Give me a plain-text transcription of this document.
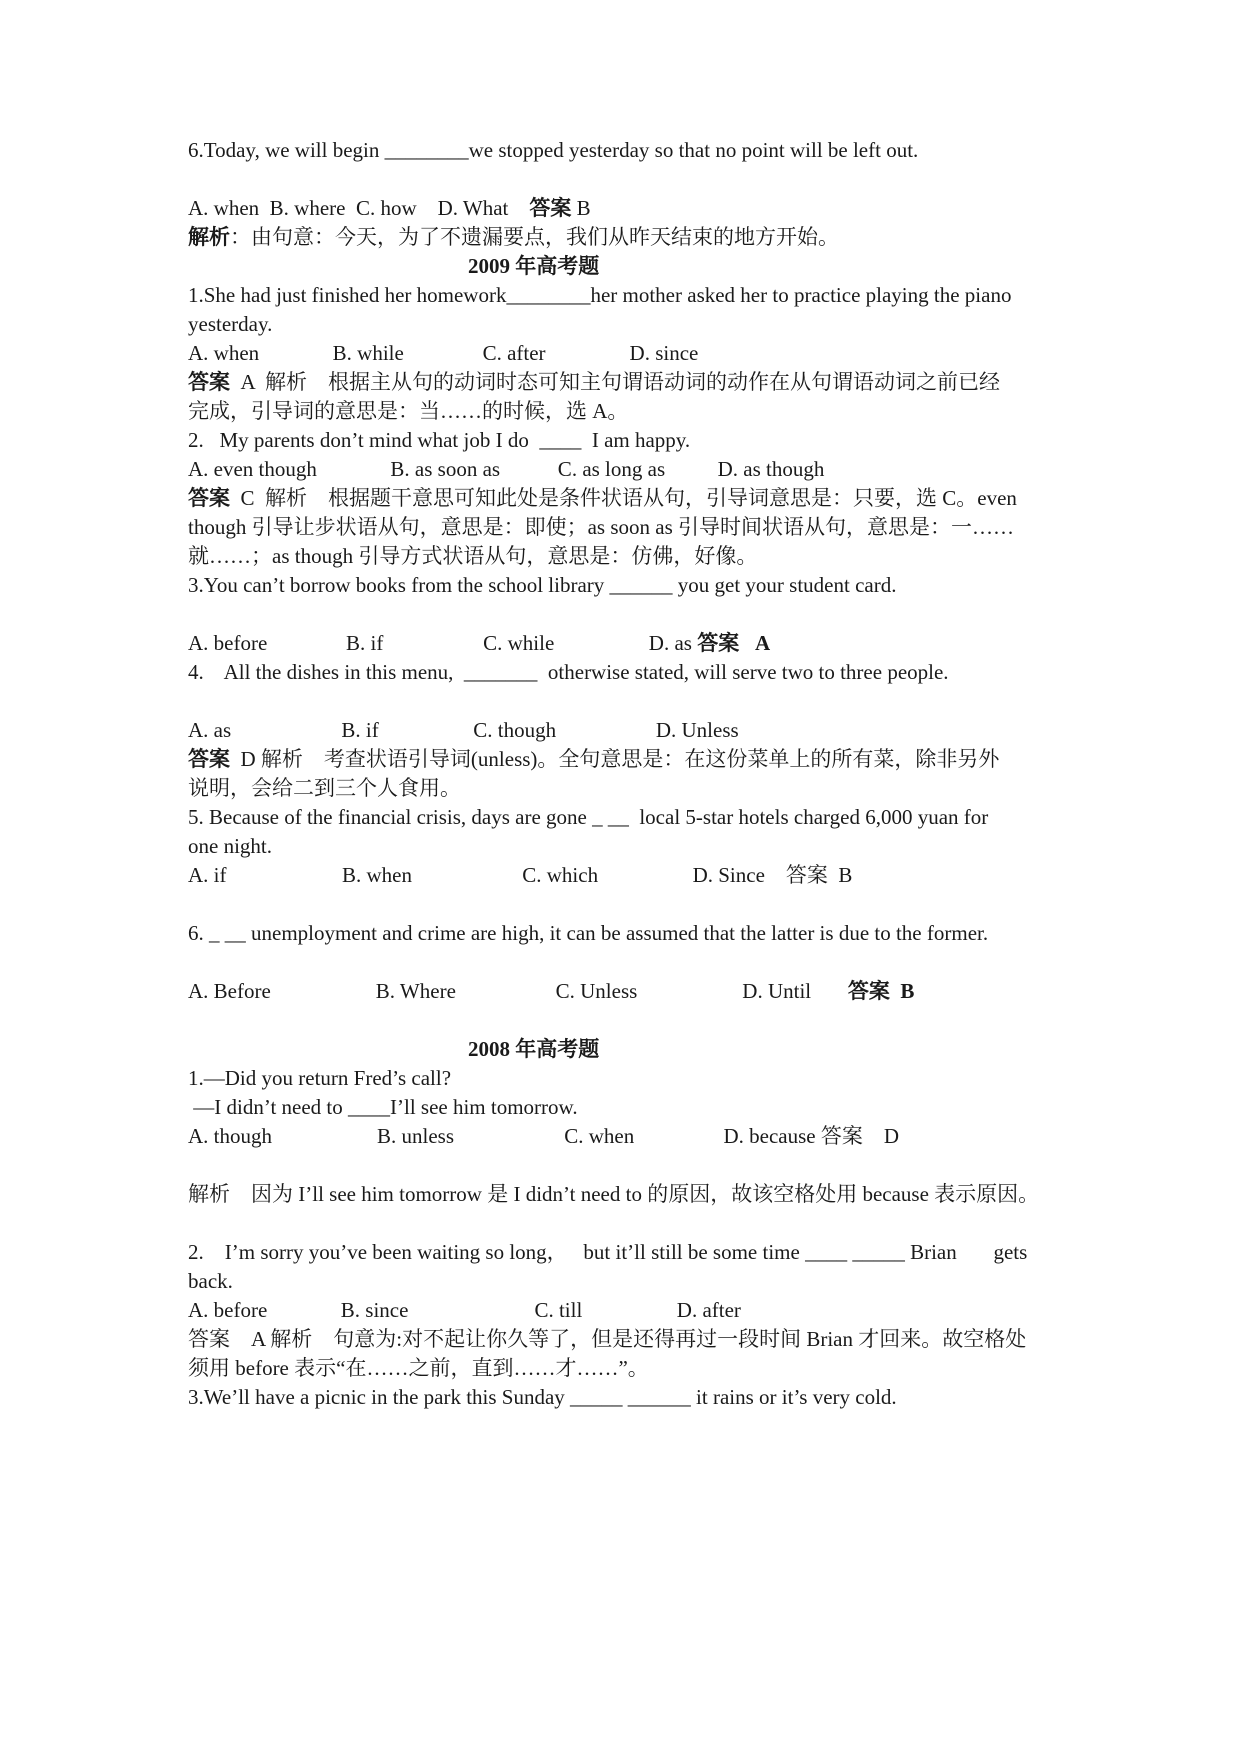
6.Today, we will begin ________we stopped yesterday so that no point will be left out.
A. when  B. where  C. how    D. What 答案 B
解析：由句意：今天，为了不遗漏要点，我们从昨天结束的地方开始。
2009 年高考题
1.She had just finished her homework________her mother asked her to practice playing the piano
yesterday.
A. when              B. while               C. after                D. since
答案  A  解析    根据主从句的动词时态可知主句谓语动词的动作在从句谓语动词之前已经
完成，引导词的意思是：当……的时候，选 A。
2.   My parents don’t mind what job I do  ____  I am happy.
A. even though              B. as soon as           C. as long as          D. as though
答案  C  解析    根据题干意思可知此处是条件状语从句，引导词意思是：只要，选 C。even
though 引导让步状语从句，意思是：即使；as soon as 引导时间状语从句，意思是：一……
就……；as though 引导方式状语从句，意思是：仿佛，好像。
3.You can’t borrow books from the school library ______ you get your student card.
A. before               B. if                   C. while                  D. as 答案   A
4.    All the dishes in this menu,  _______  otherwise stated, will serve two to three people.
A. as                     B. if                  C. though                   D. Unless
答案  D 解析    考查状语引导词(unless)。全句意思是：在这份菜单上的所有菜，除非另外
说明，会给二到三个人食用。
5. Because of the financial crisis, days are gone _ __  local 5-star hotels charged 6,000 yuan for
one night.
A. if                      B. when                     C. which                  D. Since    答案  B
6. _ __ unemployment and crime are high, it can be assumed that the latter is due to the former.
A. Before                    B. Where                   C. Unless                    D. Until       答案  B
2008 年高考题
1.—Did you return Fred’s call?
—I didn’t need to ____I’ll see him tomorrow.
A. though                    B. unless                     C. when                 D. because 答案    D
解析    因为 I’ll see him tomorrow 是 I didn’t need to 的原因，故该空格处用 because 表示原因。
2.    I’m sorry you’ve been waiting so long，   but it’ll still be some time ____ _____ Brian       gets
back.
A. before              B. since                        C. till                  D. after
答案    A 解析    句意为:对不起让你久等了，但是还得再过一段时间 Brian 才回来。故空格处
须用 before 表示“在……之前，直到……才……”。
3.We’ll have a picnic in the park this Sunday _____ ______ it rains or it’s very cold.
